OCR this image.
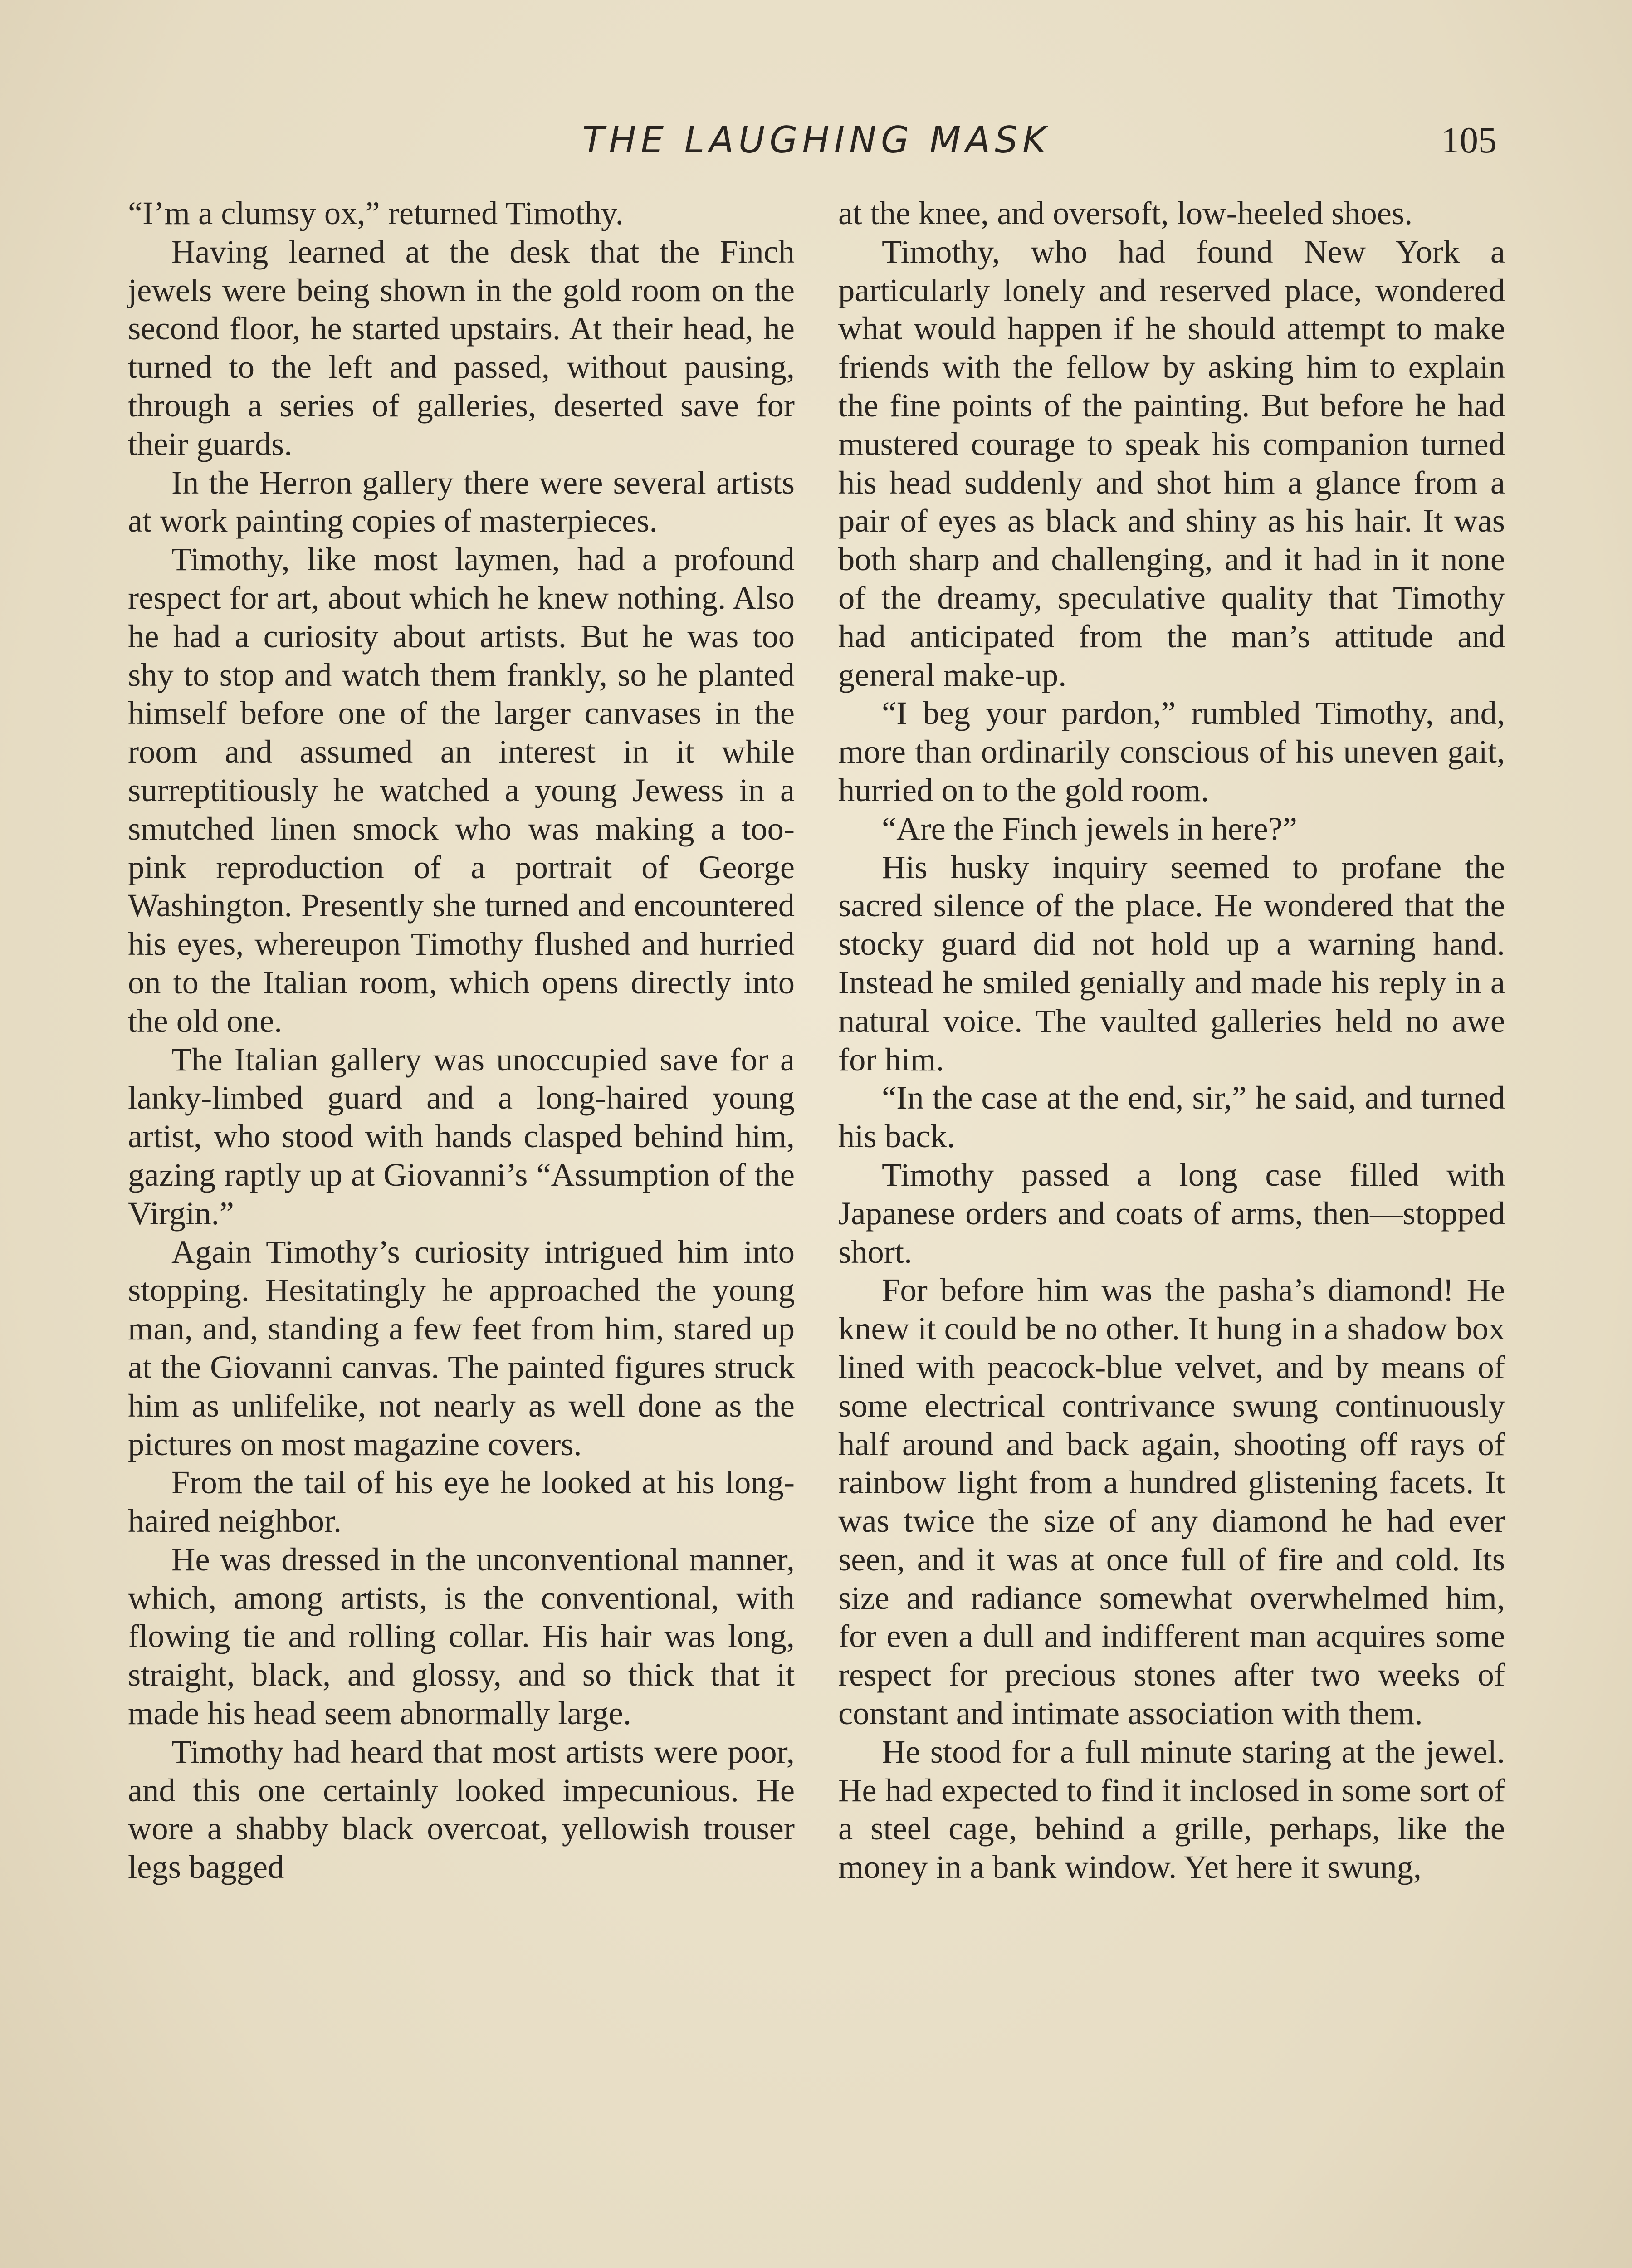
THE LAUGHING MASK	105

“I’m a clumsy ox,” returned Timothy.

Having learned at the desk that the Finch jewels were being shown in the gold room on the second floor, he started upstairs. At their head, he turned to the left and passed, without pausing, through a series of galleries, deserted save for their guards.

In the Herron gallery there were several artists at work painting copies of masterpieces.

Timothy, like most laymen, had a profound respect for art, about which he knew nothing. Also he had a curiosity about artists. But he was too shy to stop and watch them frankly, so he planted himself before one of the larger canvases in the room and assumed an interest in it while surreptitiously he watched a young Jewess in a smutched linen smock who was making a too-pink reproduction of a portrait of George Washington. Presently she turned and encountered his eyes, whereupon Timothy flushed and hurried on to the Italian room, which opens directly into the old one.

The Italian gallery was unoccupied save for a lanky-limbed guard and a long-haired young artist, who stood with hands clasped behind him, gazing raptly up at Giovanni’s “Assumption of the Virgin.”

Again Timothy’s curiosity intrigued him into stopping. Hesitatingly he approached the young man, and, standing a few feet from him, stared up at the Giovanni canvas. The painted figures struck him as unlifelike, not nearly as well done as the pictures on most magazine covers.

From the tail of his eye he looked at his long-haired neighbor.

He was dressed in the unconventional manner, which, among artists, is the conventional, with flowing tie and rolling collar. His hair was long, straight, black, and glossy, and so thick that it made his head seem abnormally large.

Timothy had heard that most artists were poor, and this one certainly looked impecunious. He wore a shabby black overcoat, yellowish trouser legs bagged

at the knee, and oversoft, low-heeled shoes.

Timothy, who had found New York a particularly lonely and reserved place, wondered what would happen if he should attempt to make friends with the fellow by asking him to explain the fine points of the painting. But before he had mustered courage to speak his companion turned his head suddenly and shot him a glance from a pair of eyes as black and shiny as his hair. It was both sharp and challenging, and it had in it none of the dreamy, speculative quality that Timothy had anticipated from the man’s attitude and general make-up.

“I beg your pardon,” rumbled Timothy, and, more than ordinarily conscious of his uneven gait, hurried on to the gold room.

“Are the Finch jewels in here?”

His husky inquiry seemed to profane the sacred silence of the place. He wondered that the stocky guard did not hold up a warning hand. Instead he smiled genially and made his reply in a natural voice. The vaulted galleries held no awe for him.

“In the case at the end, sir,” he said, and turned his back.

Timothy passed a long case filled with Japanese orders and coats of arms, then—stopped short.

For before him was the pasha’s diamond! He knew it could be no other. It hung in a shadow box lined with peacock-blue velvet, and by means of some electrical contrivance swung continuously half around and back again, shooting off rays of rainbow light from a hundred glistening facets. It was twice the size of any diamond he had ever seen, and it was at once full of fire and cold. Its size and radiance somewhat overwhelmed him, for even a dull and indifferent man acquires some respect for precious stones after two weeks of constant and intimate association with them.

He stood for a full minute staring at the jewel. He had expected to find it inclosed in some sort of a steel cage, behind a grille, perhaps, like the money in a bank window. Yet here it swung,
